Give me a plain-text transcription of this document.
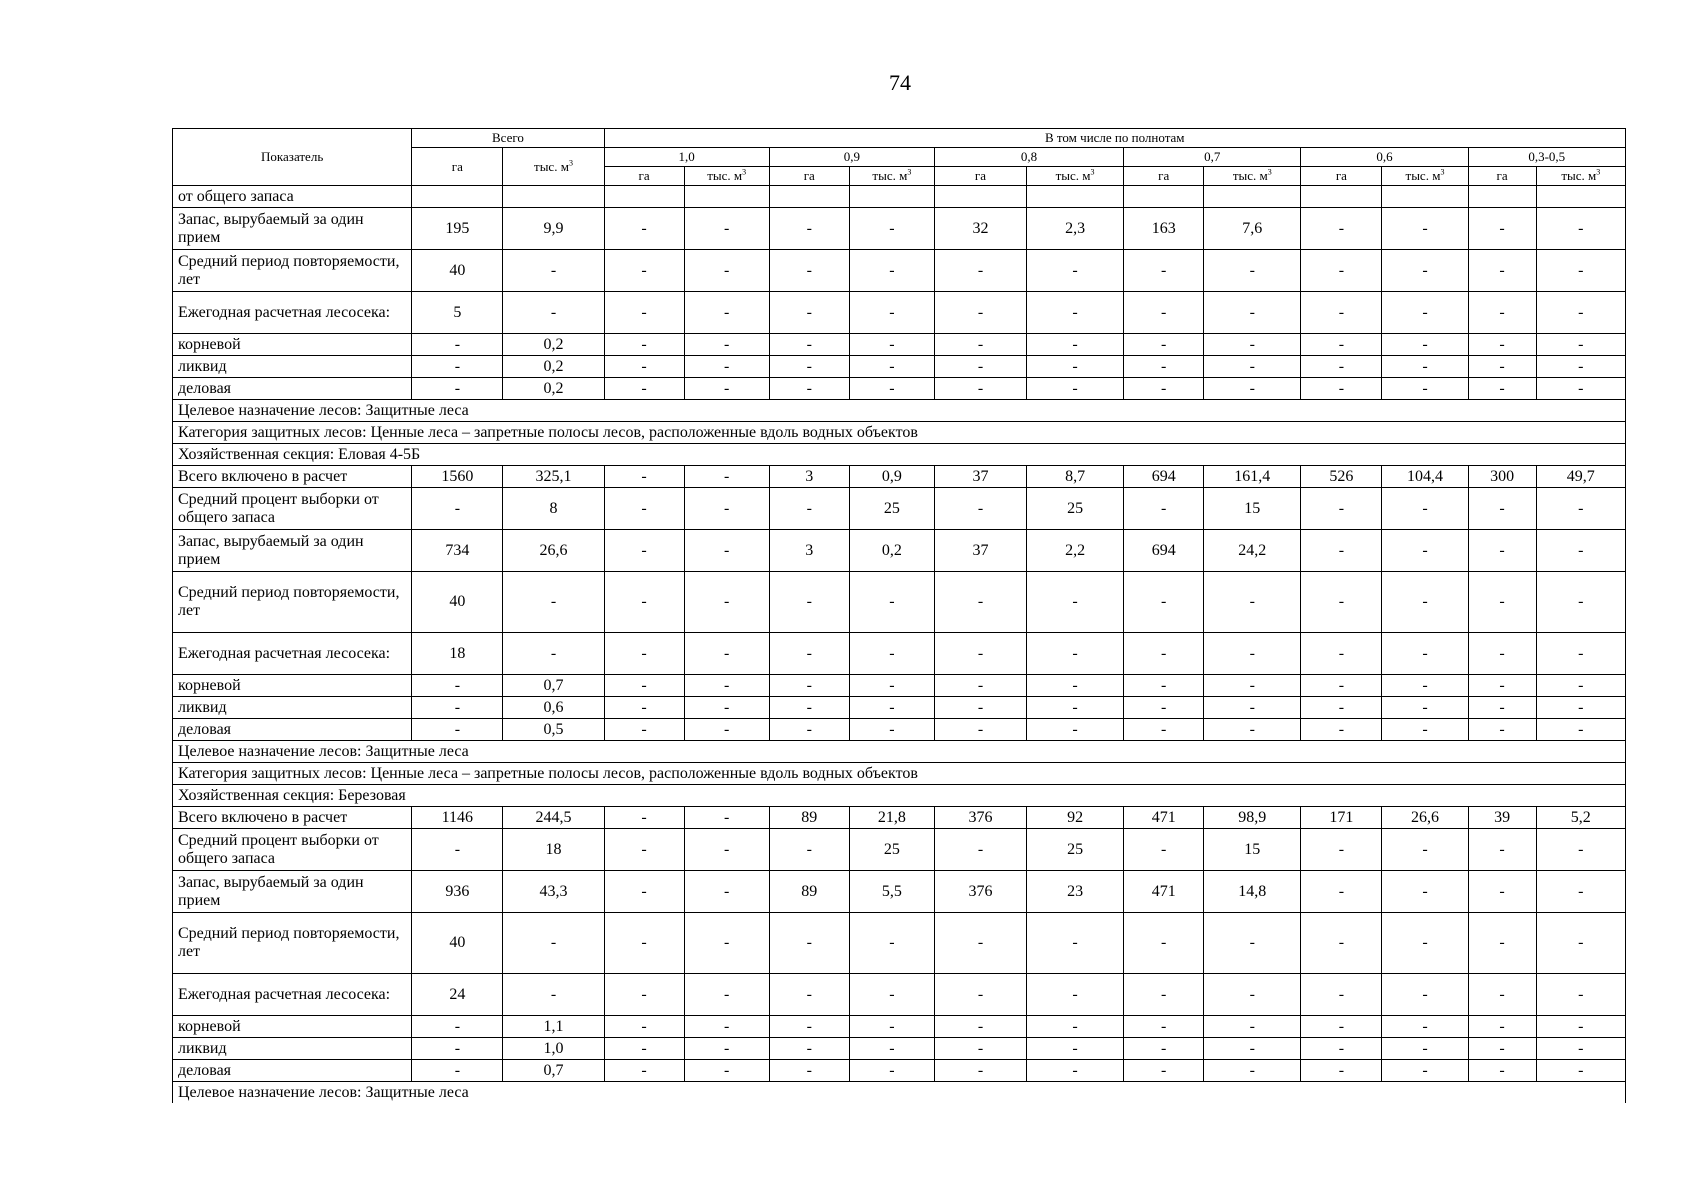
74
Показатель	Всего		В том числе по полнотам											
	га	тыс. $м^3$	1,0		0,9		0,8		0,7		0,6		0,3-0,5	
			га	тыс. $м^3$	га	тыс. $м^3$	га	тыс. $м^3$	га	тыс. $м^3$	га	тыс. $м^3$	га	тыс. $м^3$
от общего запаса														
Запас, вырубаемый за один прием	195	9,9	-	-	-	-	32	2,3	163	7,6	-	-	-	-
Средний период повторяемости, лет	40	-	-	-	-	-	-	-	-	-	-	-	-	-
Ежегодная расчетная лесосека:	5	-	-	-	-	-	-	-	-	-	-	-	-	-
корневой	-	0,2	-	-	-	-	-	-	-	-	-	-	-	-
ликвид	-	0,2	-	-	-	-	-	-	-	-	-	-	-	-
деловая	-	0,2	-	-	-	-	-	-	-	-	-	-	-	-
Целевое назначение лесов: Защитные леса														
Категория защитных лесов: Ценные леса – запретные полосы лесов, расположенные вдоль водных объектов														
Хозяйственная секция: Еловая 4-5Б														
Всего включено в расчет	1560	325,1	-	-	3	0,9	37	8,7	694	161,4	526	104,4	300	49,7
Средний процент выборки от общего запаса	-	8	-	-	-	25	-	25	-	15	-	-	-	-
Запас, вырубаемый за один прием	734	26,6	-	-	3	0,2	37	2,2	694	24,2	-	-	-	-
Средний период повторяемости, лет	40	-	-	-	-	-	-	-	-	-	-	-	-	-
Ежегодная расчетная лесосека:	18	-	-	-	-	-	-	-	-	-	-	-	-	-
корневой	-	0,7	-	-	-	-	-	-	-	-	-	-	-	-
ликвид	-	0,6	-	-	-	-	-	-	-	-	-	-	-	-
деловая	-	0,5	-	-	-	-	-	-	-	-	-	-	-	-
Целевое назначение лесов: Защитные леса														
Категория защитных лесов: Ценные леса – запретные полосы лесов, расположенные вдоль водных объектов														
Хозяйственная секция: Березовая														
Всего включено в расчет	1146	244,5	-	-	89	21,8	376	92	471	98,9	171	26,6	39	5,2
Средний процент выборки от общего запаса	-	18	-	-	-	25	-	25	-	15	-	-	-	-
Запас, вырубаемый за один прием	936	43,3	-	-	89	5,5	376	23	471	14,8	-	-	-	-
Средний период повторяемости, лет	40	-	-	-	-	-	-	-	-	-	-	-	-	-
Ежегодная расчетная лесосека:	24	-	-	-	-	-	-	-	-	-	-	-	-	-
корневой	-	1,1	-	-	-	-	-	-	-	-	-	-	-	-
ликвид	-	1,0	-	-	-	-	-	-	-	-	-	-	-	-
деловая	-	0,7	-	-	-	-	-	-	-	-	-	-	-	-
Целевое назначение лесов: Защитные леса														
